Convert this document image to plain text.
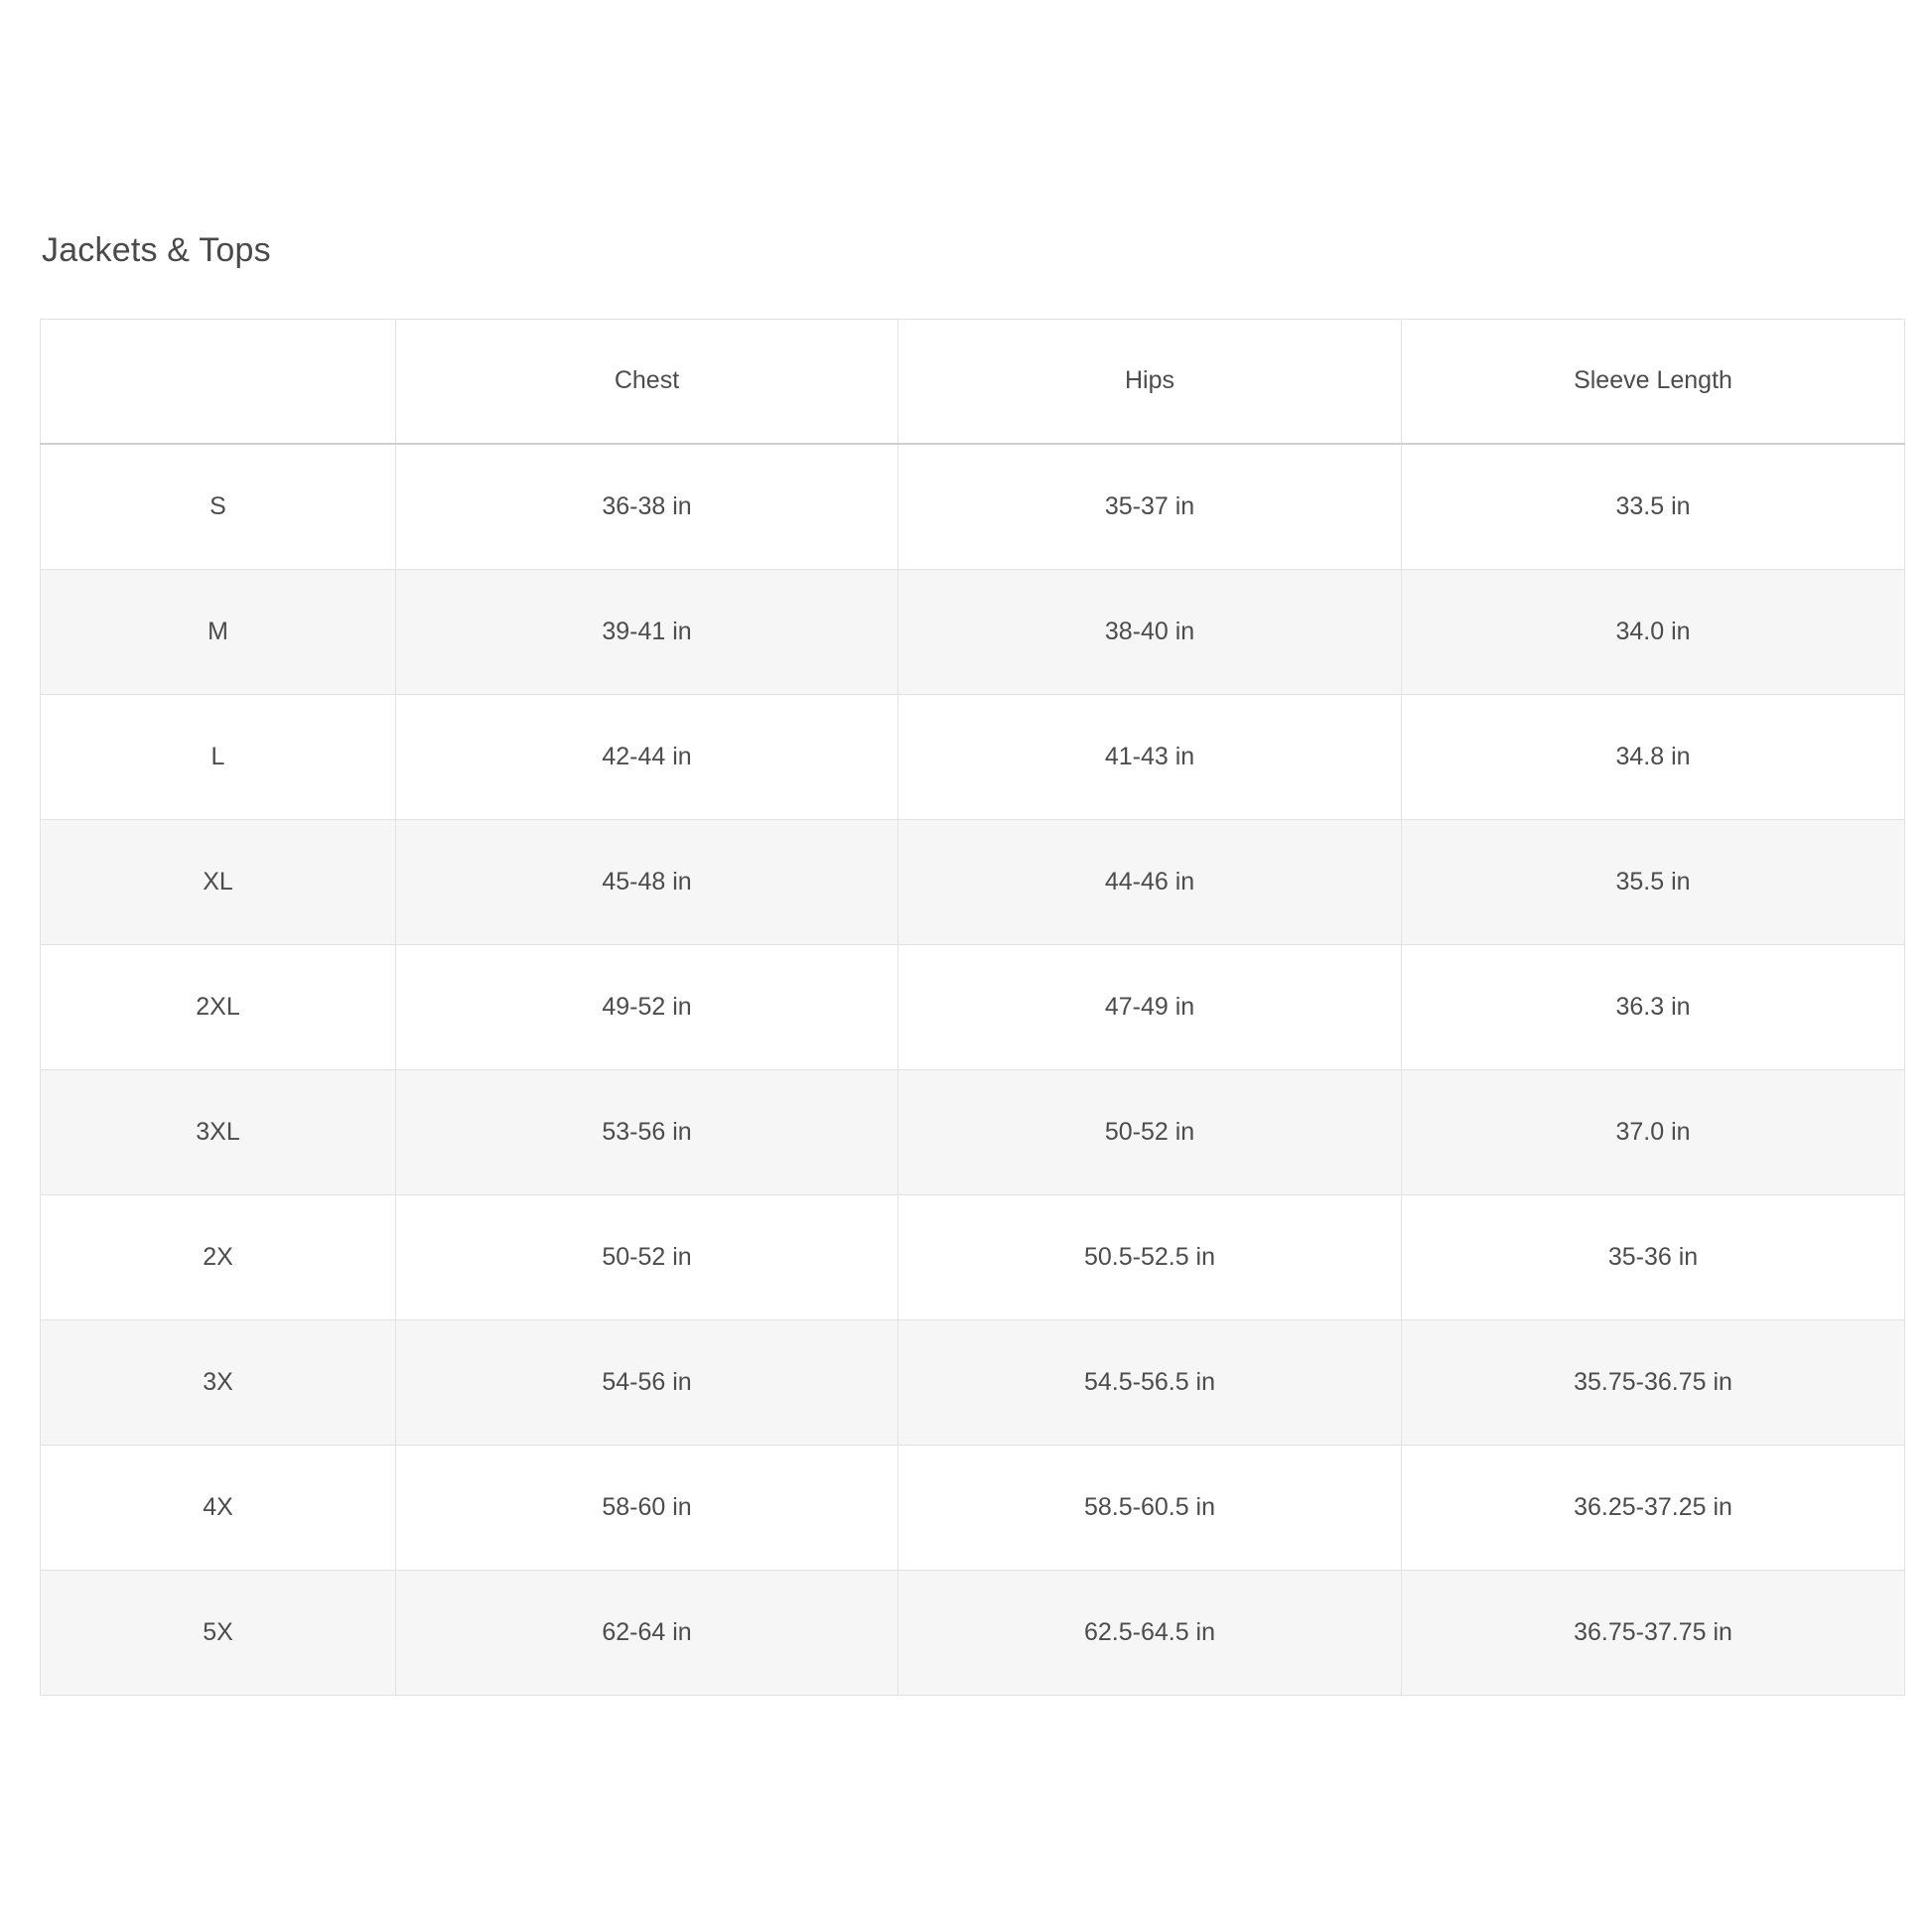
Jackets & Tops
	Chest	Hips	Sleeve Length
S	36-38 in	35-37 in	33.5 in
M	39-41 in	38-40 in	34.0 in
L	42-44 in	41-43 in	34.8 in
XL	45-48 in	44-46 in	35.5 in
2XL	49-52 in	47-49 in	36.3 in
3XL	53-56 in	50-52 in	37.0 in
2X	50-52 in	50.5-52.5 in	35-36 in
3X	54-56 in	54.5-56.5 in	35.75-36.75 in
4X	58-60 in	58.5-60.5 in	36.25-37.25 in
5X	62-64 in	62.5-64.5 in	36.75-37.75 in
